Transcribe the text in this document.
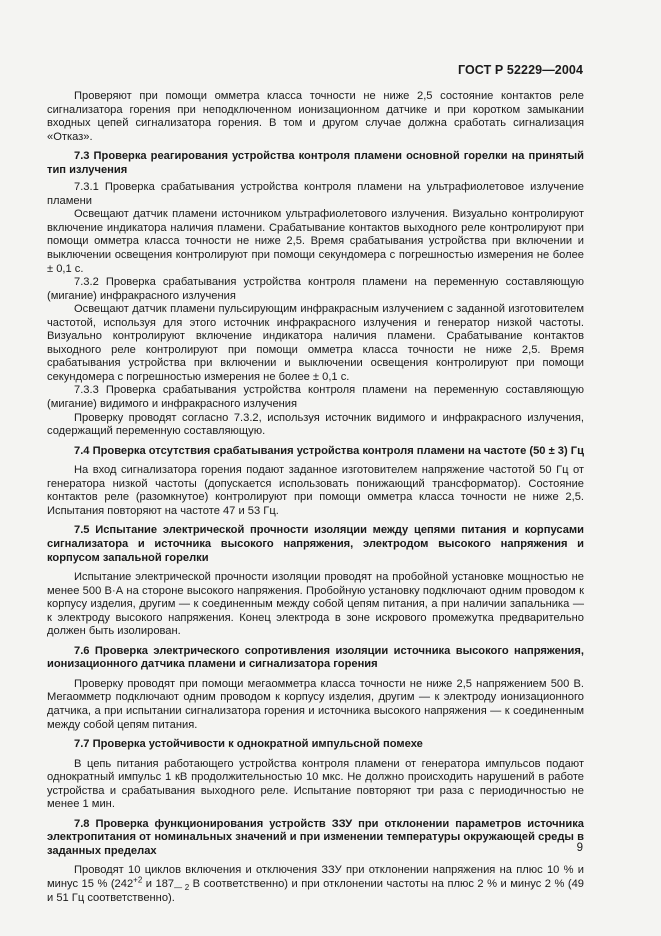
ГОСТ Р 52229—2004

Проверяют при помощи омметра класса точности не ниже 2,5 состояние контактов реле сигнализатора горения при неподключенном ионизационном датчике и при коротком замыкании входных цепей сигнализатора горения. В том и другом случае должна сработать сигнализация «Отказ».

7.3 Проверка реагирования устройства контроля пламени основной горелки на принятый тип излучения

7.3.1 Проверка срабатывания устройства контроля пламени на ультрафиолетовое излучение пламени

Освещают датчик пламени источником ультрафиолетового излучения. Визуально контролируют включение индикатора наличия пламени. Срабатывание контактов выходного реле контролируют при помощи омметра класса точности не ниже 2,5. Время срабатывания устройства при включении и выключении освещения контролируют при помощи секундомера с погрешностью измерения не более ± 0,1 с.

7.3.2 Проверка срабатывания устройства контроля пламени на переменную составляющую (мигание) инфракрасного излучения

Освещают датчик пламени пульсирующим инфракрасным излучением с заданной изготовителем частотой, используя для этого источник инфракрасного излучения и генератор низкой частоты. Визуально контролируют включение индикатора наличия пламени. Срабатывание контактов выходного реле контролируют при помощи омметра класса точности не ниже 2,5. Время срабатывания устройства при включении и выключении освещения контролируют при помощи секундомера с погрешностью измерения не более ± 0,1 с.

7.3.3 Проверка срабатывания устройства контроля пламени на переменную составляющую (мигание) видимого и инфракрасного излучения

Проверку проводят согласно 7.3.2, используя источник видимого и инфракрасного излучения, содержащий переменную составляющую.

7.4 Проверка отсутствия срабатывания устройства контроля пламени на частоте (50 ± 3) Гц

На вход сигнализатора горения подают заданное изготовителем напряжение частотой 50 Гц от генератора низкой частоты (допускается использовать понижающий трансформатор). Состояние контактов реле (разомкнутое) контролируют при помощи омметра класса точности не ниже 2,5. Испытания повторяют на частоте 47 и 53 Гц.

7.5 Испытание электрической прочности изоляции между цепями питания и корпусами сигнализатора и источника высокого напряжения, электродом высокого напряжения и корпусом запальной горелки

Испытание электрической прочности изоляции проводят на пробойной установке мощностью не менее 500 В·А на стороне высокого напряжения. Пробойную установку подключают одним проводом к корпусу изделия, другим — к соединенным между собой цепям питания, а при наличии запальника — к электроду высокого напряжения. Конец электрода в зоне искрового промежутка предварительно должен быть изолирован.

7.6 Проверка электрического сопротивления изоляции источника высокого напряжения, ионизационного датчика пламени и сигнализатора горения

Проверку проводят при помощи мегаомметра класса точности не ниже 2,5 напряжением 500 В. Мегаомметр подключают одним проводом к корпусу изделия, другим — к электроду ионизационного датчика, а при испытании сигнализатора горения и источника высокого напряжения — к соединенным между собой цепям питания.

7.7 Проверка устойчивости к однократной импульсной помехе

В цепь питания работающего устройства контроля пламени от генератора импульсов подают однократный импульс 1 кВ продолжительностью 10 мкс. Не должно происходить нарушений в работе устройства и срабатывания выходного реле. Испытание повторяют три раза с периодичностью не менее 1 мин.

7.8 Проверка функционирования устройств ЗЗУ при отклонении параметров источника электропитания от номинальных значений и при изменении температуры окружающей среды в заданных пределах

Проводят 10 циклов включения и отключения ЗЗУ при отклонении напряжения на плюс 10 % и минус 15 % ($242^{+2}$ и $187_{— 2}$ В соответственно) и при отклонении частоты на плюс 2 % и минус 2 % (49 и 51 Гц соответственно).

9
